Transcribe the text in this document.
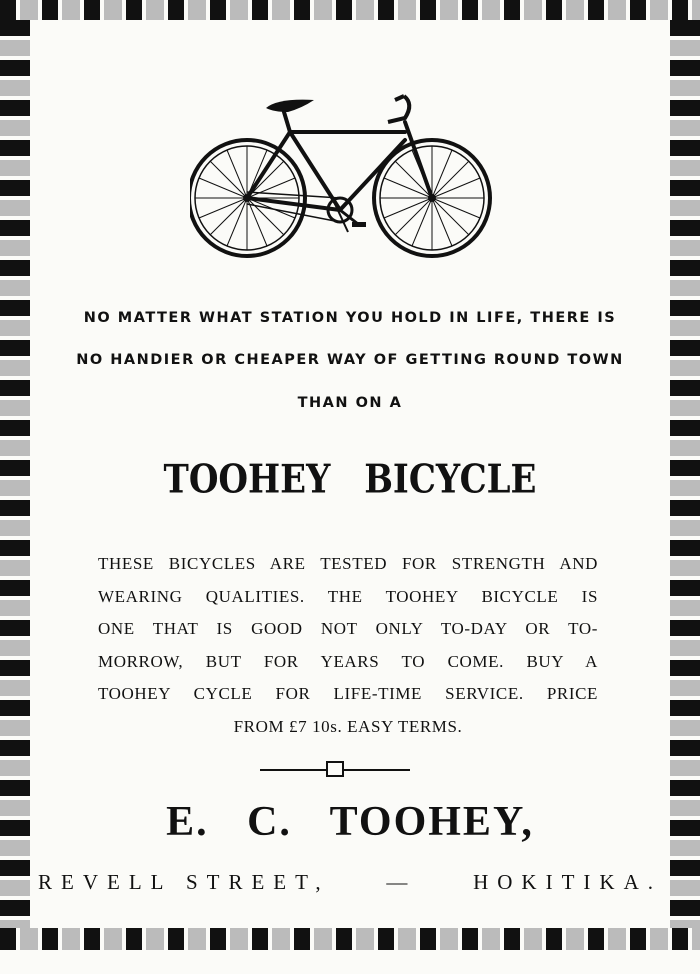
NO MATTER WHAT STATION YOU HOLD IN LIFE, THERE IS
NO HANDIER OR CHEAPER WAY OF GETTING ROUND TOWN
THAN ON A
TOOHEY BICYCLE
THESE BICYCLES ARE TESTED FOR STRENGTH AND
WEARING QUALITIES. THE TOOHEY BICYCLE IS
ONE THAT IS GOOD NOT ONLY TO-DAY OR TO-
MORROW, BUT FOR YEARS TO COME. BUY A
TOOHEY CYCLE FOR LIFE-TIME SERVICE. PRICE
FROM £7 10s. EASY TERMS.
E. C. TOOHEY,
REVELL STREET,	—	HOKITIKA.
